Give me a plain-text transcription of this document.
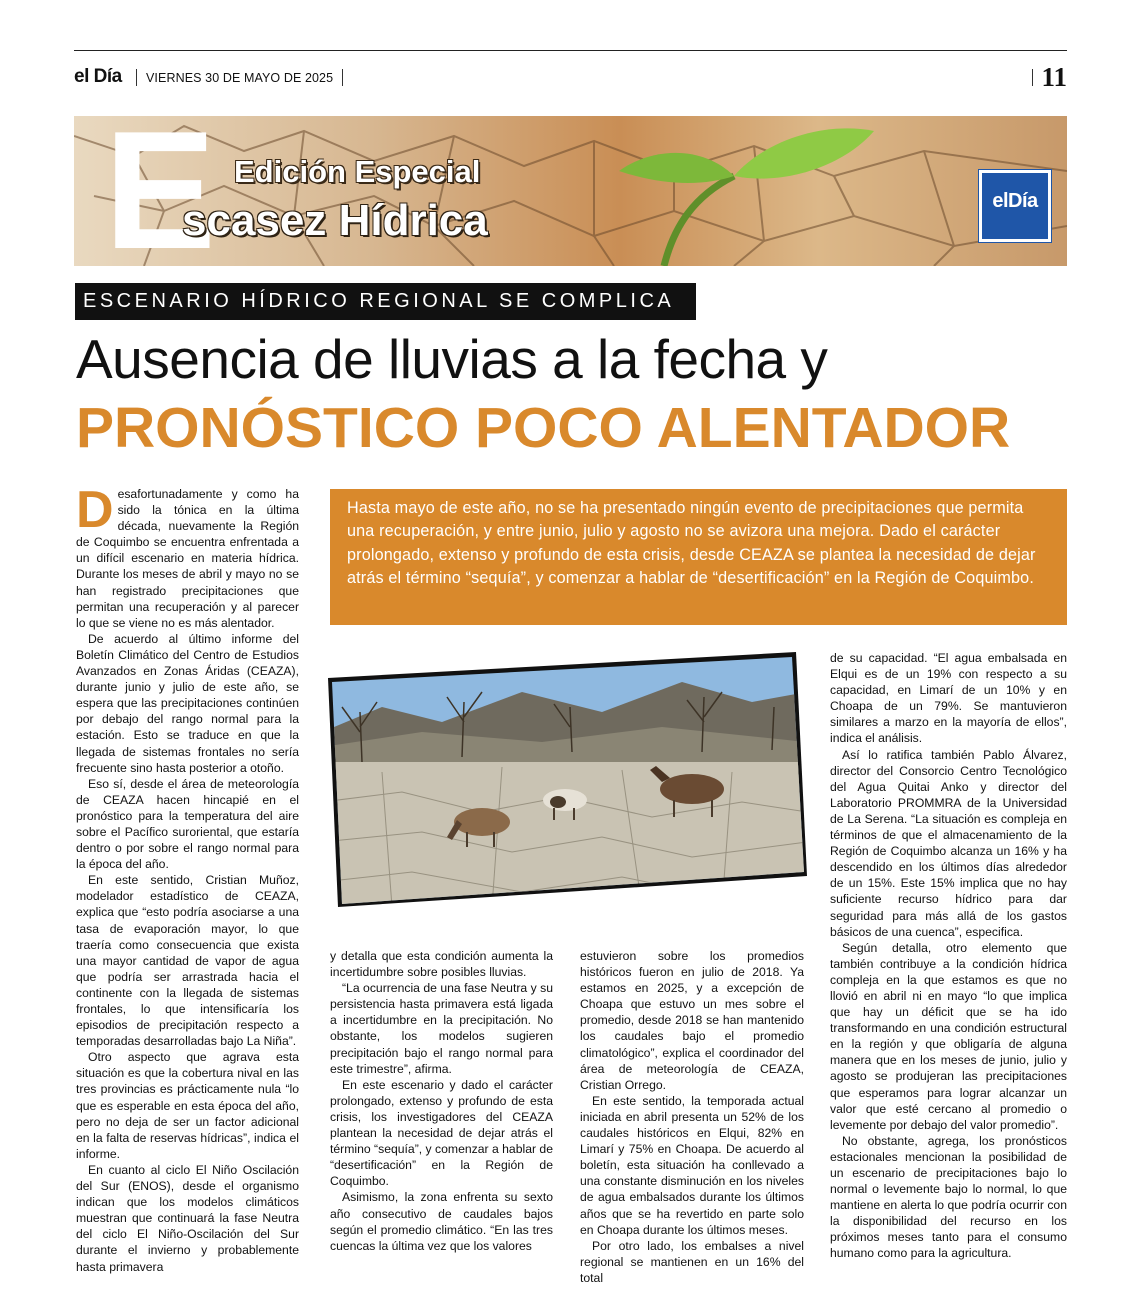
el Día VIERNES 30 DE MAYO DE 2025	11
E Edición Especial
scasez Hídrica	elDía
ESCENARIO HÍDRICO REGIONAL SE COMPLICA
Ausencia de lluvias a la fecha y
PRONÓSTICO POCO ALENTADOR

Desafortunadamente y como ha sido la tónica en la última década, nuevamente la Región de Coquimbo se encuentra enfrentada a un difícil escenario en materia hídrica. Durante los meses de abril y mayo no se han registrado precipitaciones que permitan una recuperación y al parecer lo que se viene no es más alentador.

De acuerdo al último informe del Boletín Climático del Centro de Estudios Avanzados en Zonas Áridas (CEAZA), durante junio y julio de este año, se espera que las precipitaciones continúen por debajo del rango normal para la estación. Esto se traduce en que la llegada de sistemas frontales no sería frecuente sino hasta posterior a otoño.

Eso sí, desde el área de meteorología de CEAZA hacen hincapié en el pronóstico para la temperatura del aire sobre el Pacífico suroriental, que estaría dentro o por sobre el rango normal para la época del año.

En este sentido, Cristian Muñoz, modelador estadístico de CEAZA, explica que “esto podría asociarse a una tasa de evaporación mayor, lo que traería como consecuencia que exista una mayor cantidad de vapor de agua que podría ser arrastrada hacia el continente con la llegada de sistemas frontales, lo que intensificaría los episodios de precipitación respecto a temporadas desarrolladas bajo La Niña”.

Otro aspecto que agrava esta situación es que la cobertura nival en las tres provincias es prácticamente nula “lo que es esperable en esta época del año, pero no deja de ser un factor adicional en la falta de reservas hídricas”, indica el informe.

En cuanto al ciclo El Niño Oscilación del Sur (ENOS), desde el organismo indican que los modelos climáticos muestran que continuará la fase Neutra del ciclo El Niño-Oscilación del Sur durante el invierno y probablemente hasta primavera

Hasta mayo de este año, no se ha presentado ningún evento de precipitaciones que permita una recuperación, y entre junio, julio y agosto no se avizora una mejora. Dado el carácter prolongado, extenso y profundo de esta crisis, desde CEAZA se plantea la necesidad de dejar atrás el término “sequía”, y comenzar a hablar de “desertificación” en la Región de Coquimbo.

y detalla que esta condición aumenta la incertidumbre sobre posibles lluvias.

“La ocurrencia de una fase Neutra y su persistencia hasta primavera está ligada a incertidumbre en la precipitación. No obstante, los modelos sugieren precipitación bajo el rango normal para este trimestre”, afirma.

En este escenario y dado el carácter prolongado, extenso y profundo de esta crisis, los investigadores del CEAZA plantean la necesidad de dejar atrás el término “sequía”, y comenzar a hablar de “desertificación” en la Región de Coquimbo.

Asimismo, la zona enfrenta su sexto año consecutivo de caudales bajos según el promedio climático. “En las tres cuencas la última vez que los valores

estuvieron sobre los promedios históricos fueron en julio de 2018. Ya estamos en 2025, y a excepción de Choapa que estuvo un mes sobre el promedio, desde 2018 se han mantenido los caudales bajo el promedio climatológico”, explica el coordinador del área de meteorología de CEAZA, Cristian Orrego.

En este sentido, la temporada actual iniciada en abril presenta un 52% de los caudales históricos en Elqui, 82% en Limarí y 75% en Choapa. De acuerdo al boletín, esta situación ha conllevado a una constante disminución en los niveles de agua embalsados durante los últimos años que se ha revertido en parte solo en Choapa durante los últimos meses.

Por otro lado, los embalses a nivel regional se mantienen en un 16% del total

de su capacidad. “El agua embalsada en Elqui es de un 19% con respecto a su capacidad, en Limarí de un 10% y en Choapa de un 79%. Se mantuvieron similares a marzo en la mayoría de ellos”, indica el análisis.

Así lo ratifica también Pablo Álvarez, director del Consorcio Centro Tecnológico del Agua Quitai Anko y director del Laboratorio PROMMRA de la Universidad de La Serena. “La situación es compleja en términos de que el almacenamiento de la Región de Coquimbo alcanza un 16% y ha descendido en los últimos días alrededor de un 15%. Este 15% implica que no hay suficiente recurso hídrico para dar seguridad para más allá de los gastos básicos de una cuenca”, especifica.

Según detalla, otro elemento que también contribuye a la condición hídrica compleja en la que estamos es que no llovió en abril ni en mayo “lo que implica que hay un déficit que se ha ido transformando en una condición estructural en la región y que obligaría de alguna manera que en los meses de junio, julio y agosto se produjeran las precipitaciones que esperamos para lograr alcanzar un valor que esté cercano al promedio o levemente por debajo del valor promedio”.

No obstante, agrega, los pronósticos estacionales mencionan la posibilidad de un escenario de precipitaciones bajo lo normal o levemente bajo lo normal, lo que mantiene en alerta lo que podría ocurrir con la disponibilidad del recurso en los próximos meses tanto para el consumo humano como para la agricultura.
